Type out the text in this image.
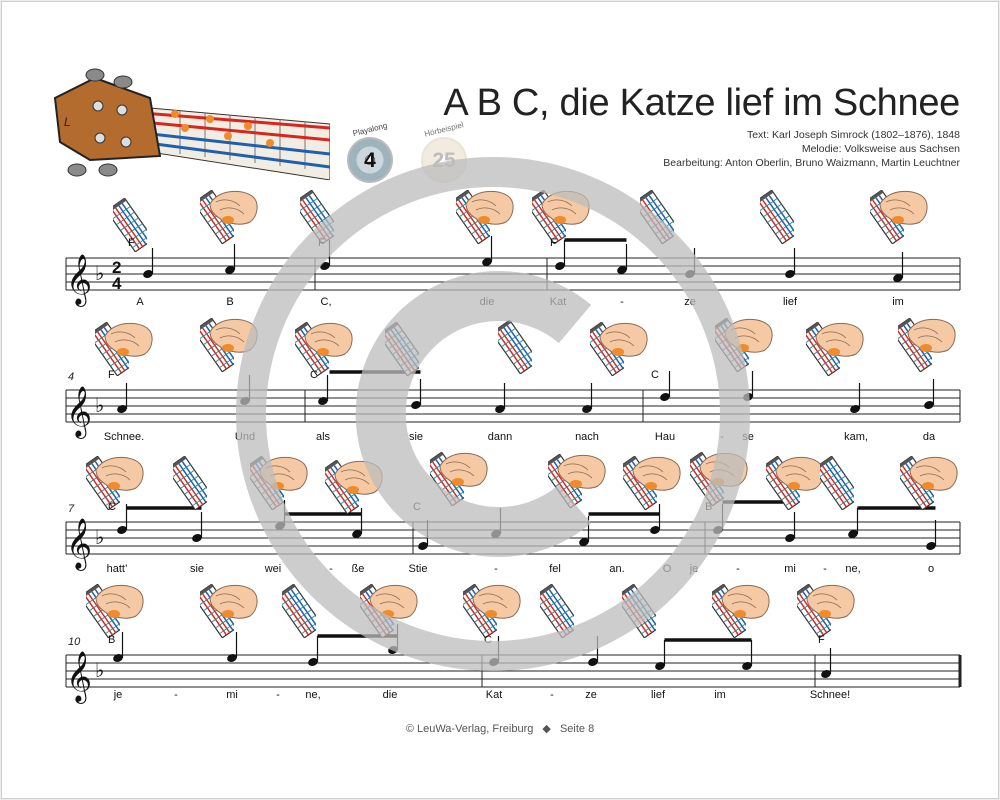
L	A B C, die Katze lief im Schnee
Text: Karl Joseph Simrock (1802–1876), 1848
Melodie: Volksweise aus Sachsen
Bearbeitung: Anton Oberlin, Bruno Waizmann, Martin Leuchtner
Playalong
4
Hörbeispiel
25
𝄞 ♭ 2
4
𝄞 ♭
4
𝄞 ♭
7
𝄞 ♭
10
F	F	F
F	C	C
C	C	B
B	C	F
A	B	C,	die	Kat	-	ze	lief	im
Schnee.	Und	als	sie	dann	nach	Hau	- se	kam,	da
hatt’	sie	wei	- ße	Stie	-	fel	an.	O je	-	mi - ne,	o
je	-	mi	- ne,	die	Kat	-	ze	lief	im	Schnee!
© LeuWa-Verlag, Freiburg ◆ Seite 8
